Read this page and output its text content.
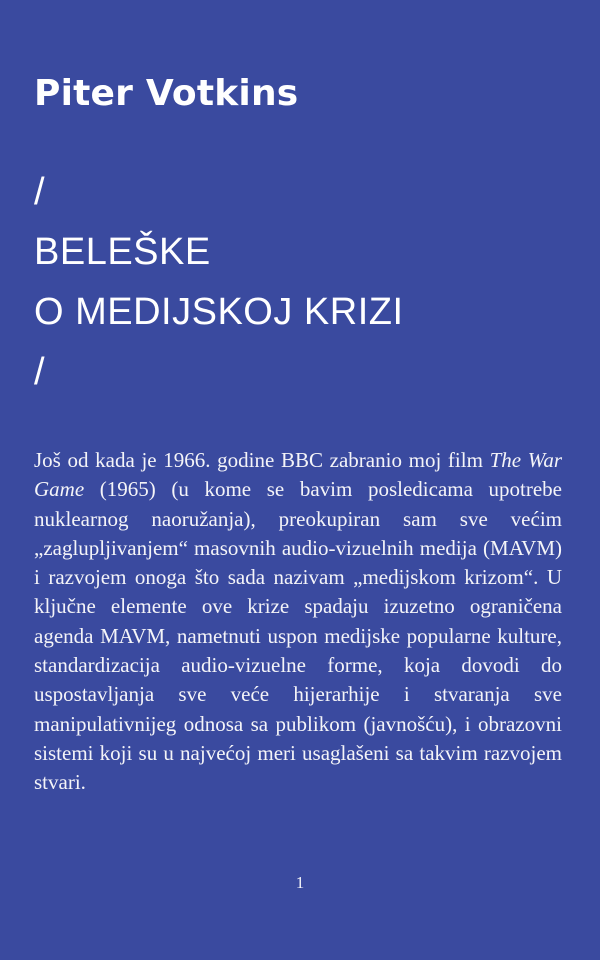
Piter Votkins
/
BELEŠKE
O MEDIJSKOJ KRIZI
/
Još od kada je 1966. godine BBC zabranio moj film The War Game (1965) (u kome se bavim posledicama upotrebe nuklearnog naoružanja), preokupiran sam sve većim „zaglupljivanjem“ masovnih audio-vizuelnih medija (MAVM) i razvojem onoga što sada nazivam „medijskom krizom“. U ključne elemente ove krize spadaju izuzetno ograničena agenda MAVM, nametnuti uspon medijske popularne kulture, standardizacija audio-vizuelne forme, koja dovodi do uspostavljanja sve veće hijerarhije i stvaranja sve manipulativnijeg odnosa sa publikom (javnošću), i obrazovni sistemi koji su u najvećoj meri usaglašeni sa takvim razvojem stvari.
1
